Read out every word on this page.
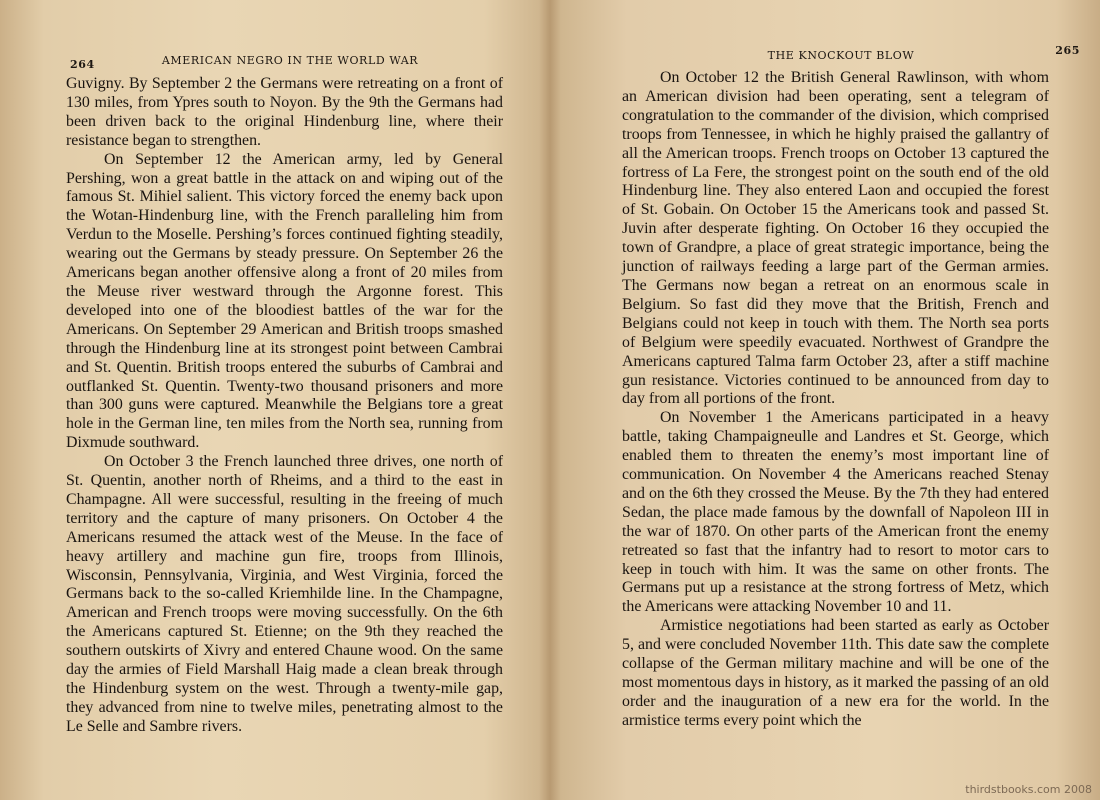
264	AMERICAN NEGRO IN THE WORLD WAR

Guvigny. By September 2 the Germans were retreating on a front of 130 miles, from Ypres south to Noyon. By the 9th the Germans had been driven back to the original Hindenburg line, where their resistance began to strengthen.

On September 12 the American army, led by General Pershing, won a great battle in the attack on and wiping out of the famous St. Mihiel salient. This victory forced the enemy back upon the Wotan-Hindenburg line, with the French paralleling him from Verdun to the Moselle. Pershing’s forces continued fighting steadily, wearing out the Germans by steady pressure. On September 26 the Americans began another offensive along a front of 20 miles from the Meuse river westward through the Argonne forest. This developed into one of the bloodiest battles of the war for the Americans. On September 29 American and British troops smashed through the Hindenburg line at its strongest point between Cambrai and St. Quentin. British troops entered the suburbs of Cambrai and outflanked St. Quentin. Twenty-two thousand prisoners and more than 300 guns were captured. Meanwhile the Belgians tore a great hole in the German line, ten miles from the North sea, running from Dixmude southward.

On October 3 the French launched three drives, one north of St. Quentin, another north of Rheims, and a third to the east in Champagne. All were successful, resulting in the freeing of much territory and the capture of many prisoners. On October 4 the Americans resumed the attack west of the Meuse. In the face of heavy artillery and machine gun fire, troops from Illinois, Wisconsin, Pennsylvania, Virginia, and West Virginia, forced the Germans back to the so-called Kriemhilde line. In the Champagne, American and French troops were moving successfully. On the 6th the Americans captured St. Etienne; on the 9th they reached the southern outskirts of Xivry and entered Chaune wood. On the same day the armies of Field Marshall Haig made a clean break through the Hindenburg system on the west. Through a twenty-mile gap, they advanced from nine to twelve miles, penetrating almost to the Le Selle and Sambre rivers.

THE KNOCKOUT BLOW	265

On October 12 the British General Rawlinson, with whom an American division had been operating, sent a telegram of congratulation to the commander of the division, which comprised troops from Tennessee, in which he highly praised the gallantry of all the American troops. French troops on October 13 captured the fortress of La Fere, the strongest point on the south end of the old Hindenburg line. They also entered Laon and occupied the forest of St. Gobain. On October 15 the Americans took and passed St. Juvin after desperate fighting. On October 16 they occupied the town of Grandpre, a place of great strategic importance, being the junction of railways feeding a large part of the German armies. The Germans now began a retreat on an enormous scale in Belgium. So fast did they move that the British, French and Belgians could not keep in touch with them. The North sea ports of Belgium were speedily evacuated. Northwest of Grandpre the Americans captured Talma farm October 23, after a stiff machine gun resistance. Victories continued to be announced from day to day from all portions of the front.

On November 1 the Americans participated in a heavy battle, taking Champaigneulle and Landres et St. George, which enabled them to threaten the enemy’s most important line of communication. On November 4 the Americans reached Stenay and on the 6th they crossed the Meuse. By the 7th they had entered Sedan, the place made famous by the downfall of Napoleon III in the war of 1870. On other parts of the American front the enemy retreated so fast that the infantry had to resort to motor cars to keep in touch with him. It was the same on other fronts. The Germans put up a resistance at the strong fortress of Metz, which the Americans were attacking November 10 and 11.

Armistice negotiations had been started as early as October 5, and were concluded November 11th. This date saw the complete collapse of the German military machine and will be one of the most momentous days in history, as it marked the passing of an old order and the inauguration of a new era for the world. In the armistice terms every point which the

thirdstbooks.com 2008
